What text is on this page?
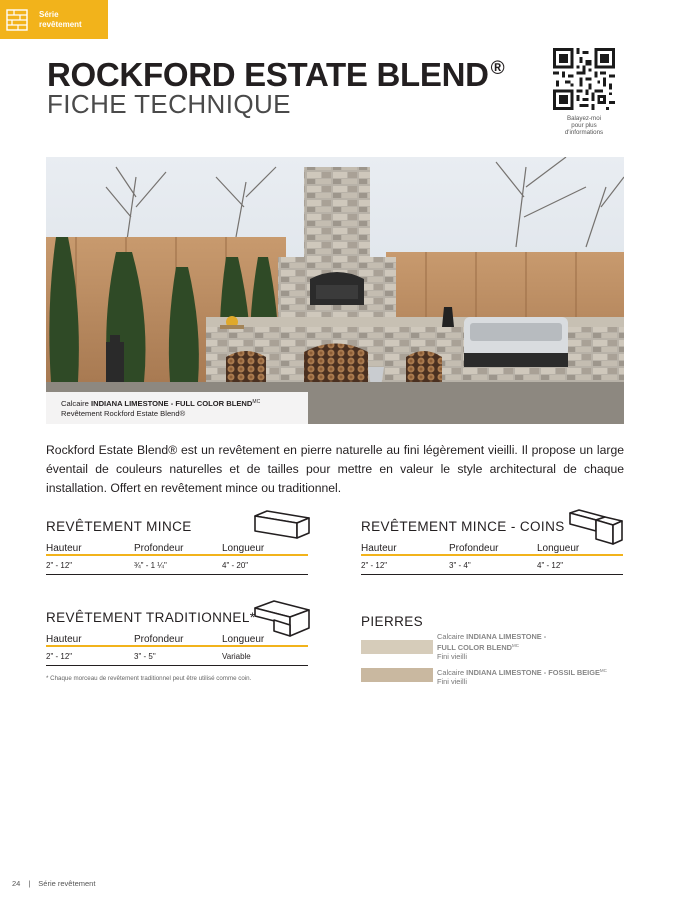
Série
revêtement
ROCKFORD ESTATE BLEND ®
FICHE TECHNIQUE	Balayez-moi
pour plus
d'informations
Calcaire INDIANA LIMESTONE - FULL COLOR $BLEND^{MC}$
Revêtement Rockford Estate Blend®

Rockford Estate Blend® est un revêtement en pierre naturelle au fini légèrement vieilli. Il propose un large éventail de couleurs naturelles et de tailles pour mettre en valeur le style architectural de chaque installation. Offert en revêtement mince ou traditionnel.

REVÊTEMENT MINCE
Hauteur	Profondeur	Longueur
2" - 12"	¾" - 1 ¼"	4" - 20"
REVÊTEMENT MINCE - COINS
Hauteur	Profondeur	Longueur
2" - 12"	3" - 4"	4" - 12"
REVÊTEMENT TRADITIONNEL*
Hauteur	Profondeur	Longueur
2" - 12"	3" - 5"	Variable
* Chaque morceau de revêtement traditionnel peut être utilisé comme coin.
PIERRES
Calcaire INDIANA LIMESTONE -
FULL COLOR $BLEND^{MC}$
Fini vieilli
Calcaire INDIANA LIMESTONE - FOSSIL $BEIGE^{MC}$
Fini vieilli
24 | Série revêtement
